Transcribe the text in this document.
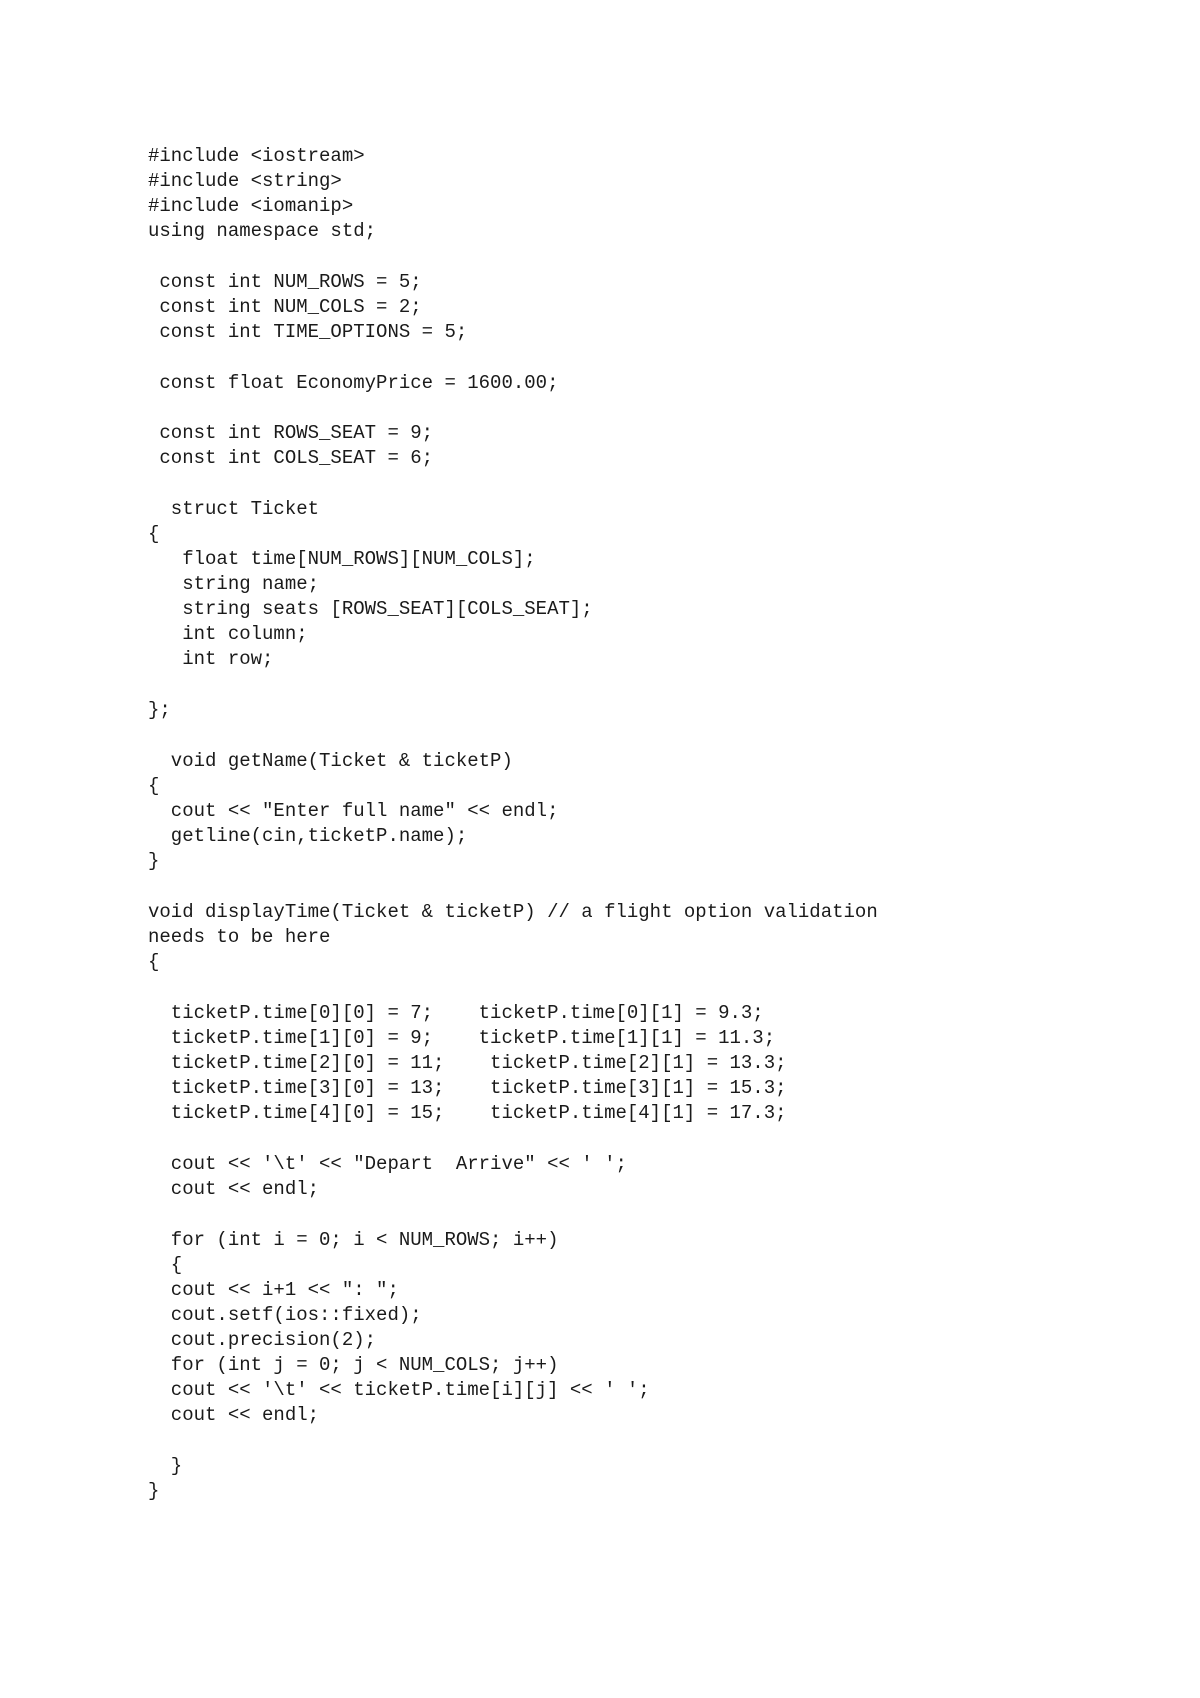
#include <iostream>
#include <string>
#include <iomanip>
using namespace std;
const int NUM_ROWS = 5;
const int NUM_COLS = 2;
const int TIME_OPTIONS = 5;
const float EconomyPrice = 1600.00;
const int ROWS_SEAT = 9;
const int COLS_SEAT = 6;
struct Ticket
{
float time[NUM_ROWS][NUM_COLS];
string name;
string seats [ROWS_SEAT][COLS_SEAT];
int column;
int row;
};
void getName(Ticket & ticketP)
{
cout << "Enter full name" << endl;
getline(cin,ticketP.name);
}
void displayTime(Ticket & ticketP) // a flight option validation
needs to be here
{
ticketP.time[0][0] = 7;    ticketP.time[0][1] = 9.3;
ticketP.time[1][0] = 9;    ticketP.time[1][1] = 11.3;
ticketP.time[2][0] = 11;    ticketP.time[2][1] = 13.3;
ticketP.time[3][0] = 13;    ticketP.time[3][1] = 15.3;
ticketP.time[4][0] = 15;    ticketP.time[4][1] = 17.3;
cout << '\t' << "Depart  Arrive" << ' ';
cout << endl;
for (int i = 0; i < NUM_ROWS; i++)
{
cout << i+1 << ": ";
cout.setf(ios::fixed);
cout.precision(2);
for (int j = 0; j < NUM_COLS; j++)
cout << '\t' << ticketP.time[i][j] << ' ';
cout << endl;
}
}
